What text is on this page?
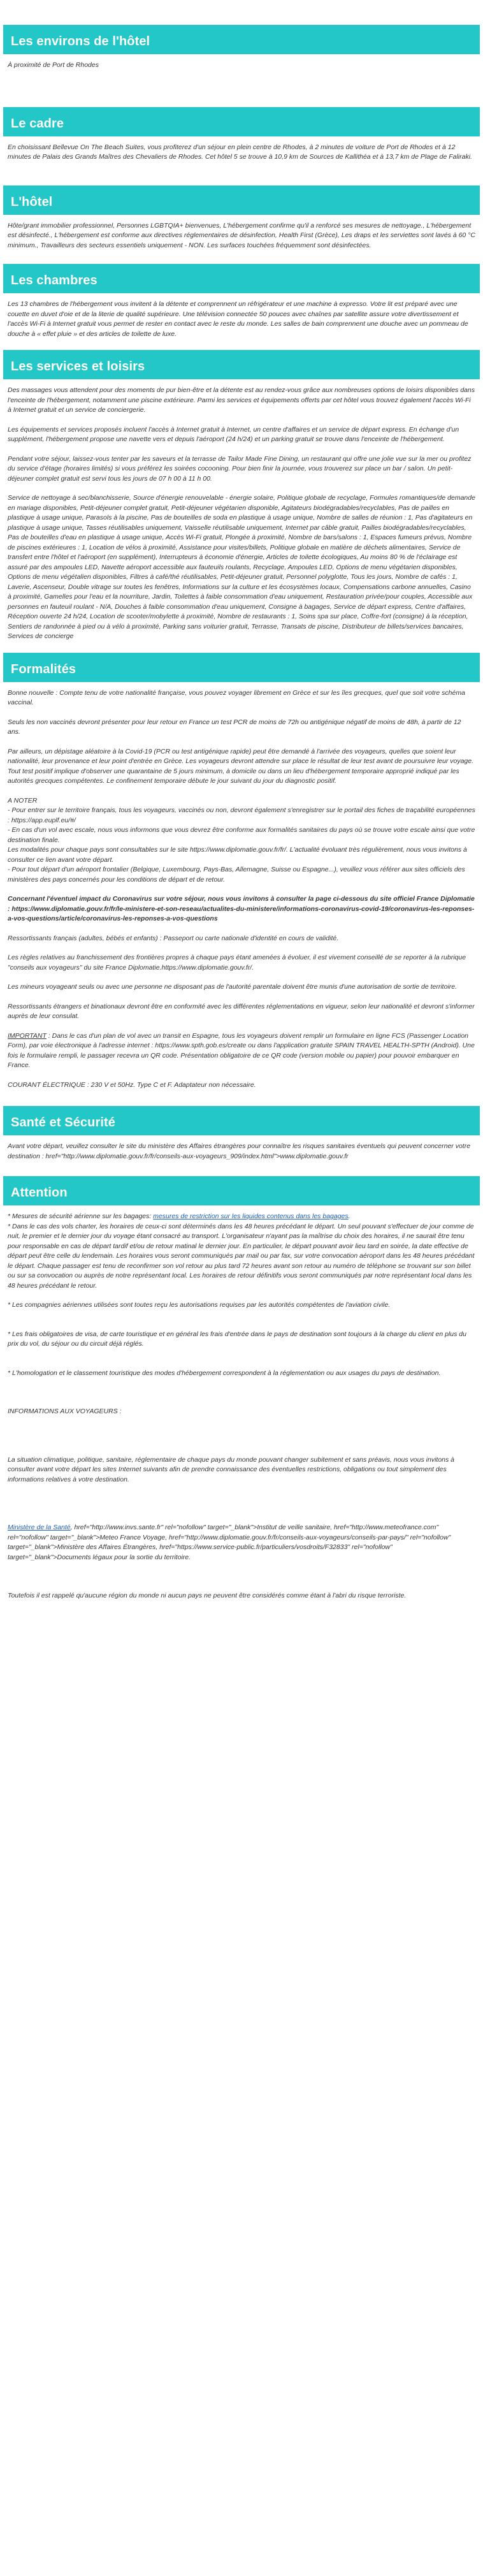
Les environs de l'hôtel

À proximité de Port de Rhodes

Le cadre

En choisissant Bellevue On The Beach Suites, vous profiterez d'un séjour en plein centre de Rhodes, à 2 minutes de voiture de Port de Rhodes et à 12 minutes de Palais des Grands Maîtres des Chevaliers de Rhodes. Cet hôtel 5 se trouve à 10,9 km de Sources de Kallithéa et à 13,7 km de Plage de Faliraki.

L'hôtel

Hôte/grant immobilier professionnel, Personnes LGBTQIA+ bienvenues, L'hébergement confirme qu'il a renforcé ses mesures de nettoyage., L'hébergement est désinfecté., L'hébergement est conforme aux directives réglementaires de désinfection, Health First (Grèce), Les draps et les serviettes sont lavés à 60 °C minimum., Travailleurs des secteurs essentiels uniquement - NON. Les surfaces touchées fréquemment sont désinfectées.

Les chambres

Les 13 chambres de l'hébergement vous invitent à la détente et comprennent un réfrigérateur et une machine à expresso. Votre lit est préparé avec une couette en duvet d'oie et de la literie de qualité supérieure. Une télévision connectée 50 pouces avec chaînes par satellite assure votre divertissement et l'accès Wi-Fi à Internet gratuit vous permet de rester en contact avec le reste du monde. Les salles de bain comprennent une douche avec un pommeau de douche à « effet pluie » et des articles de toilette de luxe.

Les services et loisirs

Des massages vous attendent pour des moments de pur bien-être et la détente est au rendez-vous grâce aux nombreuses options de loisirs disponibles dans l'enceinte de l'hébergement, notamment une piscine extérieure. Parmi les services et équipements offerts par cet hôtel vous trouvez également l'accès Wi-Fi à Internet gratuit et un service de conciergerie.

Les équipements et services proposés incluent l'accès à Internet gratuit à Internet, un centre d'affaires et un service de départ express. En échange d'un supplément, l'hébergement propose une navette vers et depuis l'aéroport (24 h/24) et un parking gratuit se trouve dans l'enceinte de l'hébergement.

Pendant votre séjour, laissez-vous tenter par les saveurs et la terrasse de Tailor Made Fine Dining, un restaurant qui offre une jolie vue sur la mer ou profitez du service d'étage (horaires limités) si vous préférez les soirées cocooning. Pour bien finir la journée, vous trouverez sur place un bar / salon. Un petit-déjeuner complet gratuit est servi tous les jours de 07 h 00 à 11 h 00.

Service de nettoyage à sec/blanchisserie, Source d'énergie renouvelable - énergie solaire, Politique globale de recyclage, Formules romantiques/de demande en mariage disponibles, Petit-déjeuner complet gratuit, Petit-déjeuner végétarien disponible, Agitateurs biodégradables/recyclables, Pas de pailles en plastique à usage unique, Parasols à la piscine, Pas de bouteilles de soda en plastique à usage unique, Nombre de salles de réunion : 1, Pas d'agitateurs en plastique à usage unique, Tasses réutilisables uniquement, Vaisselle réutilisable uniquement, Internet par câble gratuit, Pailles biodégradables/recyclables, Pas de bouteilles d'eau en plastique à usage unique, Accès Wi-Fi gratuit, Plongée à proximité, Nombre de bars/salons : 1, Espaces fumeurs prévus, Nombre de piscines extérieures : 1, Location de vélos à proximité, Assistance pour visites/billets, Politique globale en matière de déchets alimentaires, Service de transfert entre l'hôtel et l'aéroport (en supplément), Interrupteurs à économie d'énergie, Articles de toilette écologiques, Au moins 80 % de l'éclairage est assuré par des ampoules LED, Navette aéroport accessible aux fauteuils roulants, Recyclage, Ampoules LED, Options de menu végétarien disponibles, Options de menu végétalien disponibles, Filtres à café/thé réutilisables, Petit-déjeuner gratuit, Personnel polyglotte, Tous les jours, Nombre de cafés : 1, Laverie, Ascenseur, Double vitrage sur toutes les fenêtres, Informations sur la culture et les écosystèmes locaux, Compensations carbone annuelles, Casino à proximité, Gamelles pour l'eau et la nourriture, Jardin, Toilettes à faible consommation d'eau uniquement, Restauration privée/pour couples, Accessible aux personnes en fauteuil roulant - N/A, Douches à faible consommation d'eau uniquement, Consigne à bagages, Service de départ express, Centre d'affaires, Réception ouverte 24 h/24, Location de scooter/mobylette à proximité, Nombre de restaurants : 1, Soins spa sur place, Coffre-fort (consigne) à la réception, Sentiers de randonnée à pied ou à vélo à proximité, Parking sans voiturier gratuit, Terrasse, Transats de piscine, Distributeur de billets/services bancaires, Services de concierge

Formalités

Bonne nouvelle : Compte tenu de votre nationalité française, vous pouvez voyager librement en Grèce et sur les îles grecques, quel que soit votre schéma vaccinal.

Seuls les non vaccinés devront présenter pour leur retour en France un test PCR de moins de 72h ou antigénique négatif de moins de 48h, à partir de 12 ans.

Par ailleurs, un dépistage aléatoire à la Covid-19 (PCR ou test antigénique rapide) peut être demandé à l'arrivée des voyageurs, quelles que soient leur nationalité, leur provenance et leur point d'entrée en Grèce. Les voyageurs devront attendre sur place le résultat de leur test avant de poursuivre leur voyage. Tout test positif implique d'observer une quarantaine de 5 jours minimum, à domicile ou dans un lieu d'hébergement temporaire approprié indiqué par les autorités grecques compétentes. Le confinement temporaire débute le jour suivant du jour du diagnostic positif.

A NOTER
- Pour entrer sur le territoire français, tous les voyageurs, vaccinés ou non, devront également s'enregistrer sur le portail des fiches de traçabilité européennes : https://app.euplf.eu/#/
- En cas d'un vol avec escale, nous vous informons que vous devrez être conforme aux formalités sanitaires du pays où se trouve votre escale ainsi que votre destination finale.
Les modalités pour chaque pays sont consultables sur le site https://www.diplomatie.gouv.fr/fr/. L'actualité évoluant très régulièrement, nous vous invitons à consulter ce lien avant votre départ.
- Pour tout départ d'un aéroport frontalier (Belgique, Luxembourg, Pays-Bas, Allemagne, Suisse ou Espagne...), veuillez vous référer aux sites officiels des ministères des pays concernés pour les conditions de départ et de retour.

Concernant l'éventuel impact du Coronavirus sur votre séjour, nous vous invitons à consulter la page ci-dessous du site officiel France Diplomatie : https://www.diplomatie.gouv.fr/fr/le-ministere-et-son-reseau/actualites-du-ministere/informations-coronavirus-covid-19/coronavirus-les-reponses-a-vos-questions/article/coronavirus-les-reponses-a-vos-questions

Ressortissants français (adultes, bébés et enfants) : Passeport ou carte nationale d'identité en cours de validité.

Les règles relatives au franchissement des frontières propres à chaque pays étant amenées à évoluer, il est vivement conseillé de se reporter à la rubrique "conseils aux voyageurs" du site France Diplomatie.https://www.diplomatie.gouv.fr/.

Les mineurs voyageant seuls ou avec une personne ne disposant pas de l'autorité parentale doivent être munis d'une autorisation de sortie de territoire.

Ressortissants étrangers et binationaux devront être en conformité avec les différentes réglementations en vigueur, selon leur nationalité et devront s'informer auprès de leur consulat.

IMPORTANT : Dans le cas d'un plan de vol avec un transit en Espagne, tous les voyageurs doivent remplir un formulaire en ligne FCS (Passenger Location Form), par voie électronique à l'adresse internet : https://www.spth.gob.es/create ou dans l'application gratuite SPAIN TRAVEL HEALTH-SPTH (Android). Une fois le formulaire rempli, le passager recevra un QR code. Présentation obligatoire de ce QR code (version mobile ou papier) pour pouvoir embarquer en France.

COURANT ÉLECTRIQUE : 230 V et 50Hz. Type C et F. Adaptateur non nécessaire.

Santé et Sécurité

Avant votre départ, veuillez consulter le site du ministère des Affaires étrangères pour connaître les risques sanitaires éventuels qui peuvent concerner votre destination : href="http://www.diplomatie.gouv.fr/fr/conseils-aux-voyageurs_909/index.html">www.diplomatie.gouv.fr

Attention

* Mesures de sécurité aérienne sur les bagages: mesures de restriction sur les liquides contenus dans les bagages.

* Dans le cas des vols charter, les horaires de ceux-ci sont déterminés dans les 48 heures précédant le départ. Un seul pouvant s'effectuer de jour comme de nuit, le premier et le dernier jour du voyage étant consacré au transport. L'organisateur n'ayant pas la maîtrise du choix des horaires, il ne saurait être tenu pour responsable en cas de départ tardif et/ou de retour matinal le dernier jour. En particulier, le départ pouvant avoir lieu tard en soirée, la date effective de départ peut être celle du lendemain. Les horaires vous seront communiqués par mail ou par fax, sur votre convocation aéroport dans les 48 heures précédant le départ. Chaque passager est tenu de reconfirmer son vol retour au plus tard 72 heures avant son retour au numéro de téléphone se trouvant sur son billet ou sur sa convocation ou auprès de notre représentant local. Les horaires de retour définitifs vous seront communiqués par notre représentant local dans les 48 heures précédant le retour.

* Les compagnies aériennes utilisées sont toutes reçu les autorisations requises par les autorités compétentes de l'aviation civile.

* Les frais obligatoires de visa, de carte touristique et en général les frais d'entrée dans le pays de destination sont toujours à la charge du client en plus du prix du vol, du séjour ou du circuit déjà réglés.

* L'homologation et le classement touristique des modes d'hébergement correspondent à la réglementation ou aux usages du pays de destination.

INFORMATIONS AUX VOYAGEURS :

La situation climatique, politique, sanitaire, réglementaire de chaque pays du monde pouvant changer subitement et sans préavis, nous vous invitons à consulter avant votre départ les sites Internet suivants afin de prendre connaissance des éventuelles restrictions, obligations ou tout simplement des informations relatives à votre destination.

Ministère de la Santé, href="http://www.invs.sante.fr" rel="nofollow" target="_blank">Institut de veille sanitaire, href="http://www.meteofrance.com" rel="nofollow" target="_blank">Meteo France Voyage, href="http://www.diplomatie.gouv.fr/fr/conseils-aux-voyageurs/conseils-par-pays/" rel="nofollow" target="_blank">Ministère des Affaires Étrangères, href="https://www.service-public.fr/particuliers/vosdroits/F32833" rel="nofollow" target="_blank">Documents légaux pour la sortie du territoire.

Toutefois il est rappelé qu'aucune région du monde ni aucun pays ne peuvent être considérés comme étant à l'abri du risque terroriste.
